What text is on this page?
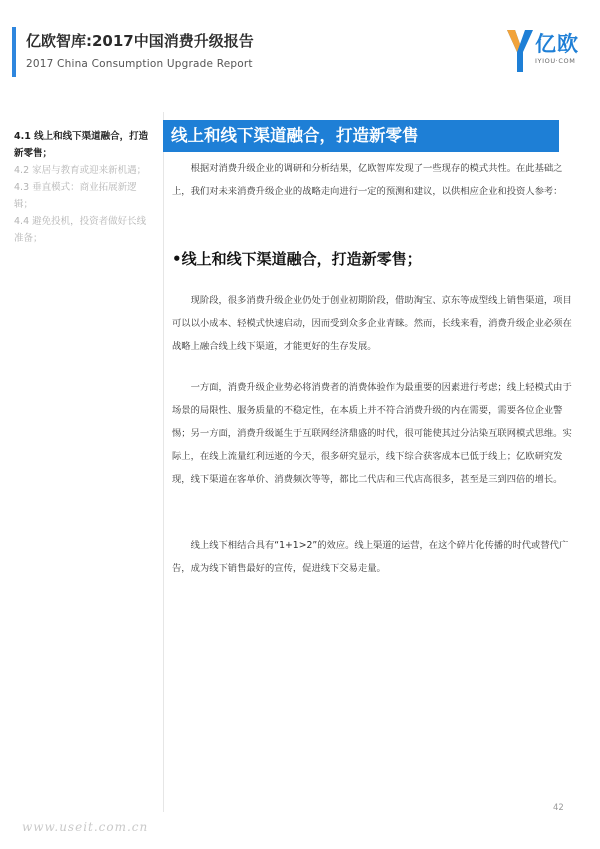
亿欧智库:2017中国消费升级报告
2017 China Consumption Upgrade Report
亿欧
IYIOU·COM

4.1 线上和线下渠道融合，打造新零售；

4.2 家居与教育或迎来新机遇；

4.3 垂直模式：商业拓展新逻辑；

4.4 避免投机，投资者做好长线准备；

线上和线下渠道融合，打造新零售

根据对消费升级企业的调研和分析结果，亿欧智库发现了一些现存的模式共性。在此基础之上，我们对未来消费升级企业的战略走向进行一定的预测和建议，以供相应企业和投资人参考：

•线上和线下渠道融合，打造新零售；

现阶段，很多消费升级企业仍处于创业初期阶段，借助淘宝、京东等成型线上销售渠道，项目可以以小成本、轻模式快速启动，因而受到众多企业青睐。然而，长线来看，消费升级企业必须在战略上融合线上线下渠道，才能更好的生存发展。

一方面，消费升级企业势必将消费者的消费体验作为最重要的因素进行考虑；线上轻模式由于场景的局限性、服务质量的不稳定性，在本质上并不符合消费升级的内在需要，需要各位企业警惕；另一方面，消费升级诞生于互联网经济鼎盛的时代，很可能使其过分沾染互联网模式思维。实际上，在线上流量红利远逝的今天，很多研究显示，线下综合获客成本已低于线上；亿欧研究发现，线下渠道在客单价、消费频次等等，都比二代店和三代店高很多，甚至是三到四倍的增长。

线上线下相结合具有“1+1>2”的效应。线上渠道的运营，在这个碎片化传播的时代或替代广告，成为线下销售最好的宣传，促进线下交易走量。

42
www.useit.com.cn
